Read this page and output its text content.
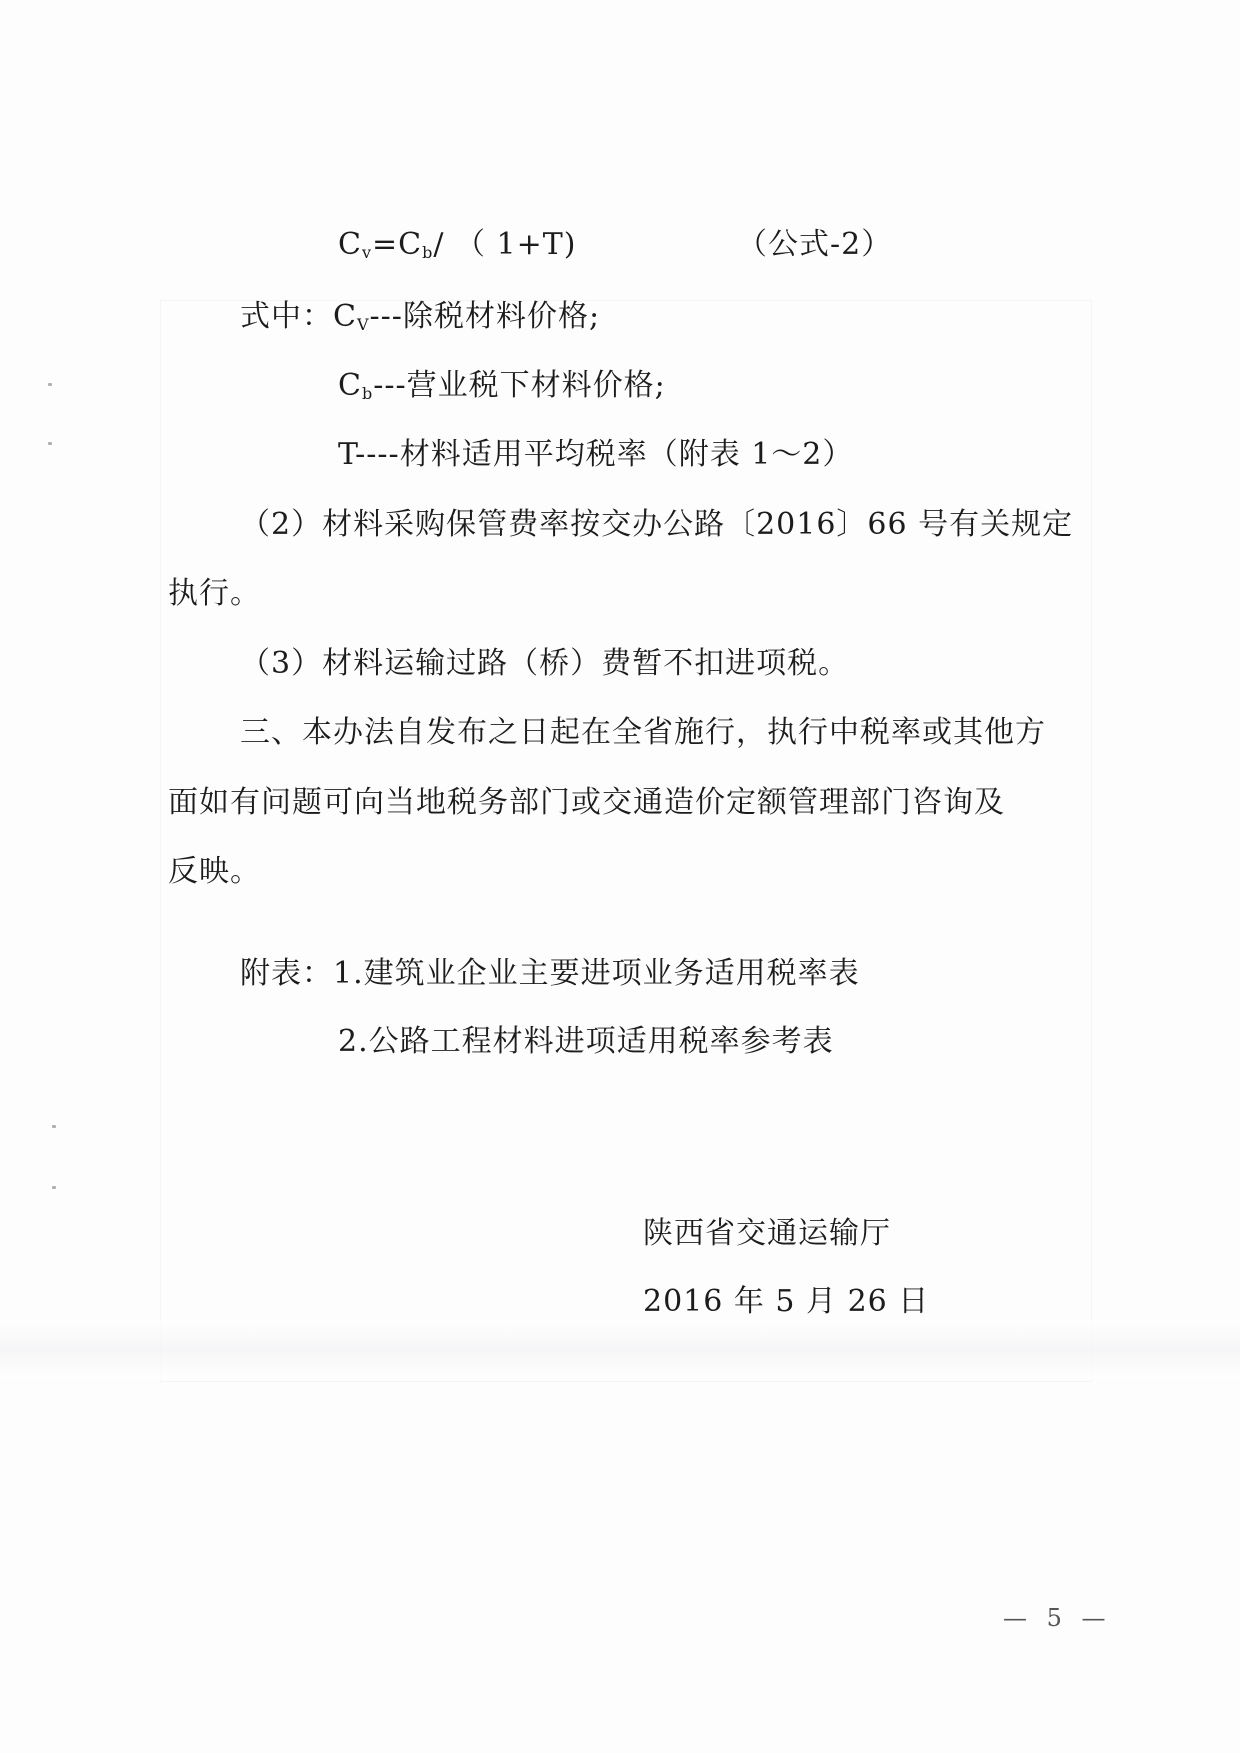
$C_v=C_b/$ （ 1+T)	（公式-2）
式中：$C_V---$除税材料价格;
$C_b---$营业税下材料价格;
T----材料适用平均税率（附表 1～2）
（2）材料采购保管费率按交办公路〔2016〕66 号有关规定
执行。
（3）材料运输过路（桥）费暂不扣进项税。
三、本办法自发布之日起在全省施行，执行中税率或其他方
面如有问题可向当地税务部门或交通造价定额管理部门咨询及
反映。
附表：1.建筑业企业主要进项业务适用税率表
2.公路工程材料进项适用税率参考表
陕西省交通运输厅
2016 年 5 月 26 日
— 5 —
